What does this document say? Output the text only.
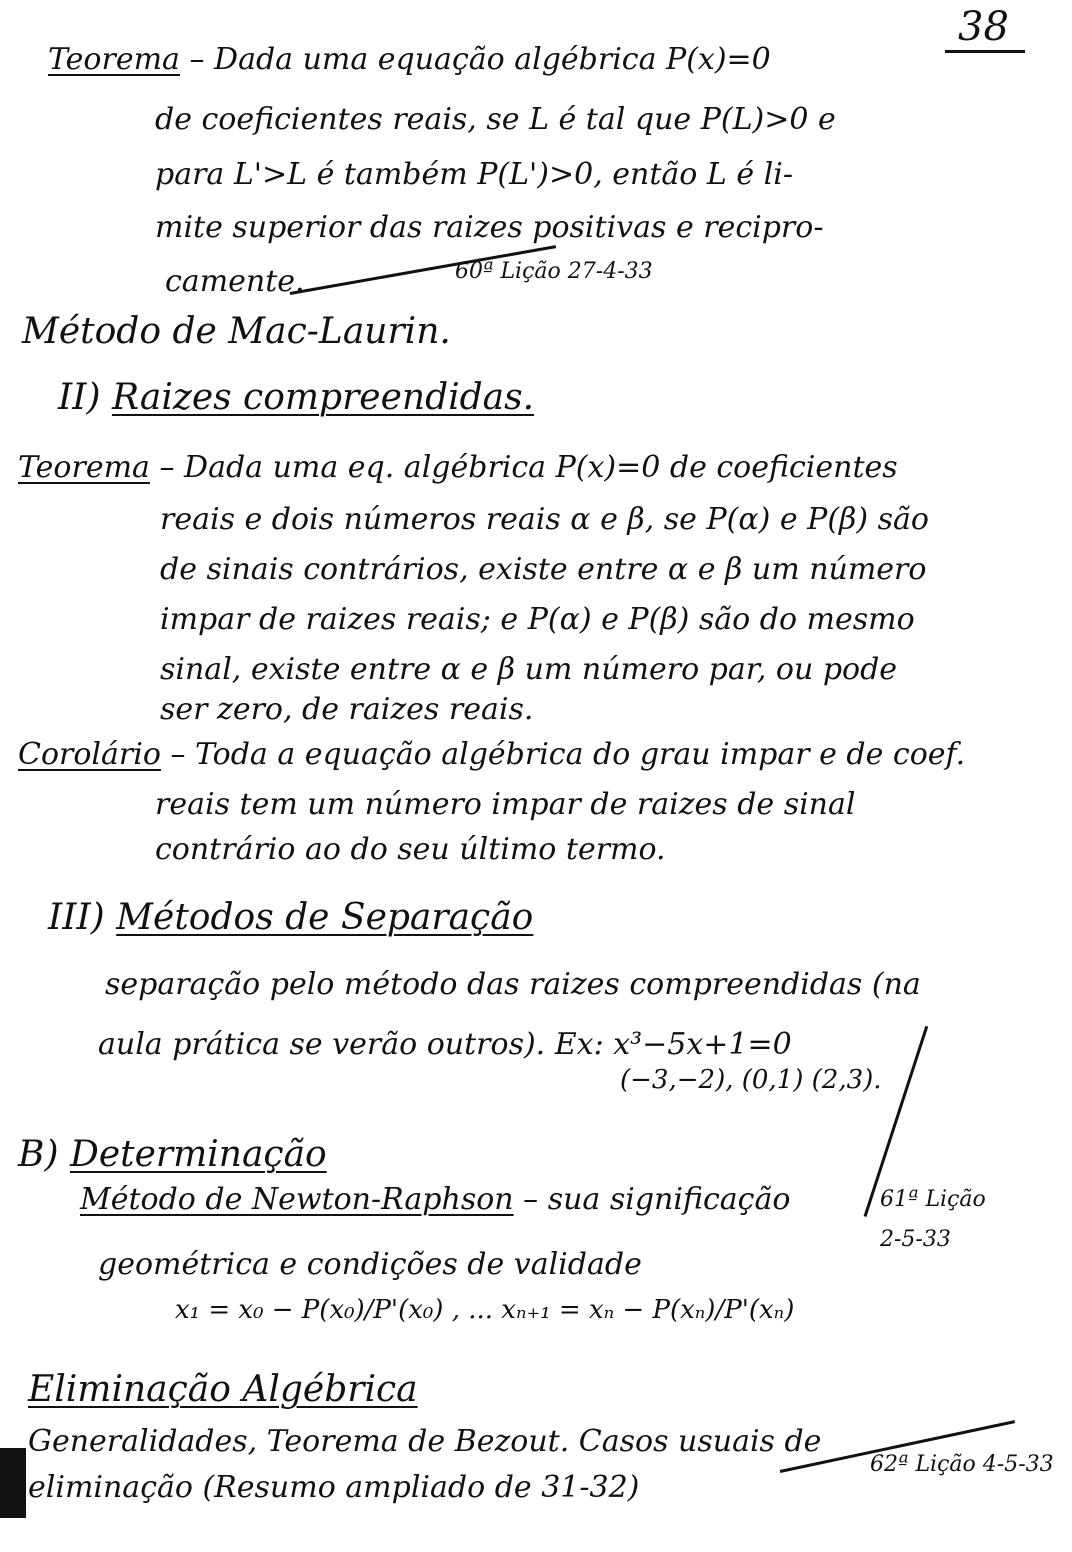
38
Teorema – Dada uma equação algébrica P(x)=0
de coeficientes reais, se L é tal que P(L)>0 e
para L'>L é também P(L')>0, então L é li-
mite superior das raizes positivas e recipro-
camente.	60ª Lição 27-4-33
Método de Mac-Laurin.
II) Raizes compreendidas.
Teorema – Dada uma eq. algébrica P(x)=0 de coeficientes
reais e dois números reais α e β, se P(α) e P(β) são
de sinais contrários, existe entre α e β um número
impar de raizes reais; e P(α) e P(β) são do mesmo
sinal, existe entre α e β um número par, ou pode
ser zero, de raizes reais.
Corolário – Toda a equação algébrica do grau impar e de coef.
reais tem um número impar de raizes de sinal
contrário ao do seu último termo.
III) Métodos de Separação
separação pelo método das raizes compreendidas (na
aula prática se verão outros). Ex: x³−5x+1=0
(−3,−2), (0,1) (2,3).
B) Determinação
Método de Newton-Raphson – sua significação	61ª Lição
2-5-33
geométrica e condições de validade
x₁ = x₀ − P(x₀)/P'(x₀) , ... xₙ₊₁ = xₙ − P(xₙ)/P'(xₙ)
Eliminação Algébrica
Generalidades, Teorema de Bezout. Casos usuais de
eliminação (Resumo ampliado de 31-32)
62ª Lição 4-5-33
